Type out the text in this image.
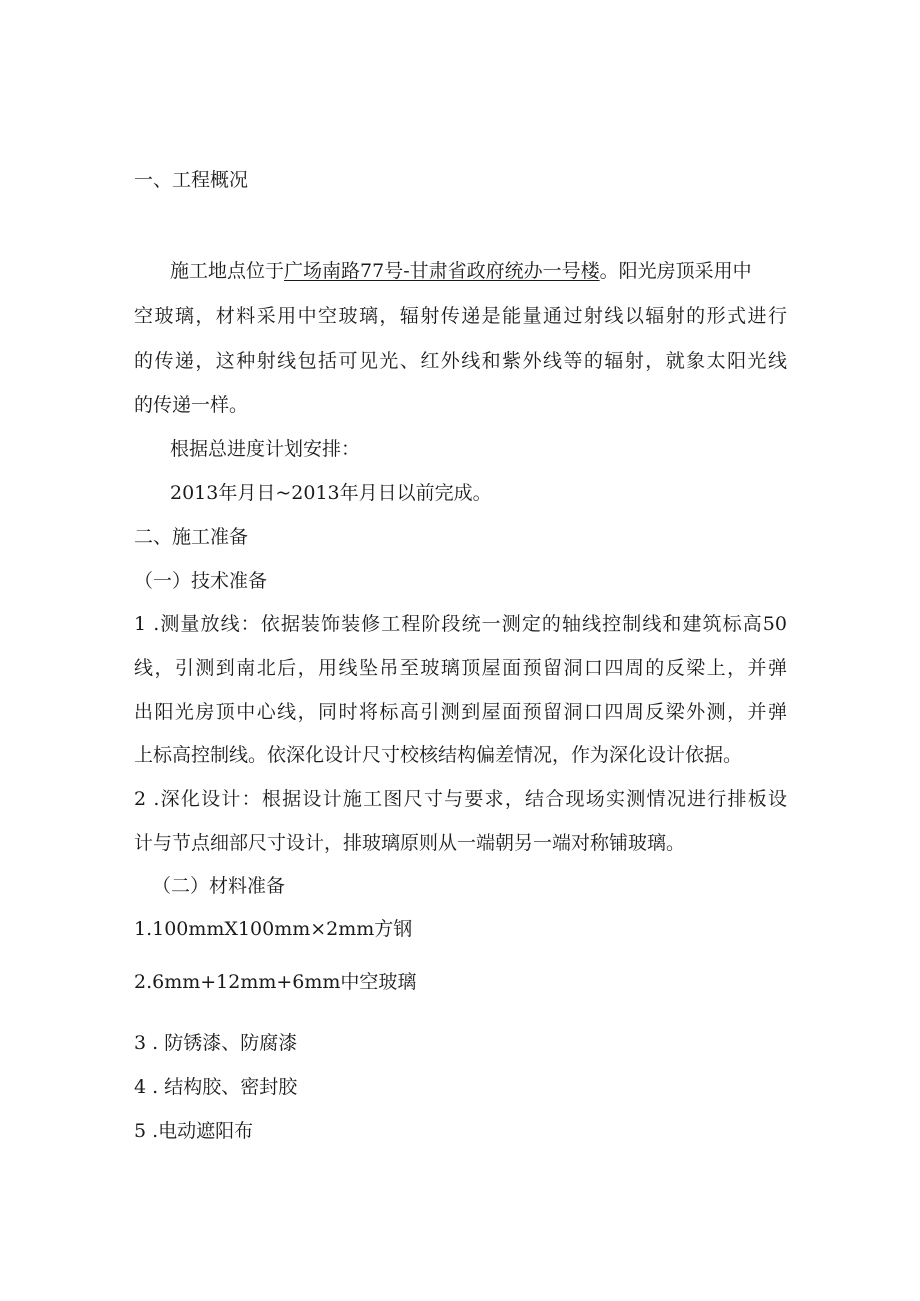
一、工程概况
施工地点位于广场南路77号-甘肃省政府统办一号楼。阳光房顶采用中
空玻璃，材料采用中空玻璃，辐射传递是能量通过射线以辐射的形式进行
的传递，这种射线包括可见光、红外线和紫外线等的辐射，就象太阳光线
的传递一样。
根据总进度计划安排：
2013年月日~2013年月日以前完成。
二、施工准备
（一）技术准备
1 .测量放线：依据装饰装修工程阶段统一测定的轴线控制线和建筑标高50
线，引测到南北后，用线坠吊至玻璃顶屋面预留洞口四周的反梁上，并弹
出阳光房顶中心线，同时将标高引测到屋面预留洞口四周反梁外测，并弹
上标高控制线。依深化设计尺寸校核结构偏差情况，作为深化设计依据。
2 .深化设计：根据设计施工图尺寸与要求，结合现场实测情况进行排板设
计与节点细部尺寸设计，排玻璃原则从一端朝另一端对称铺玻璃。
（二）材料准备
1.100mmX100mm×2mm方钢
2.6mm+12mm+6mm中空玻璃
3 . 防锈漆、防腐漆
4 . 结构胶、密封胶
5 .电动遮阳布
